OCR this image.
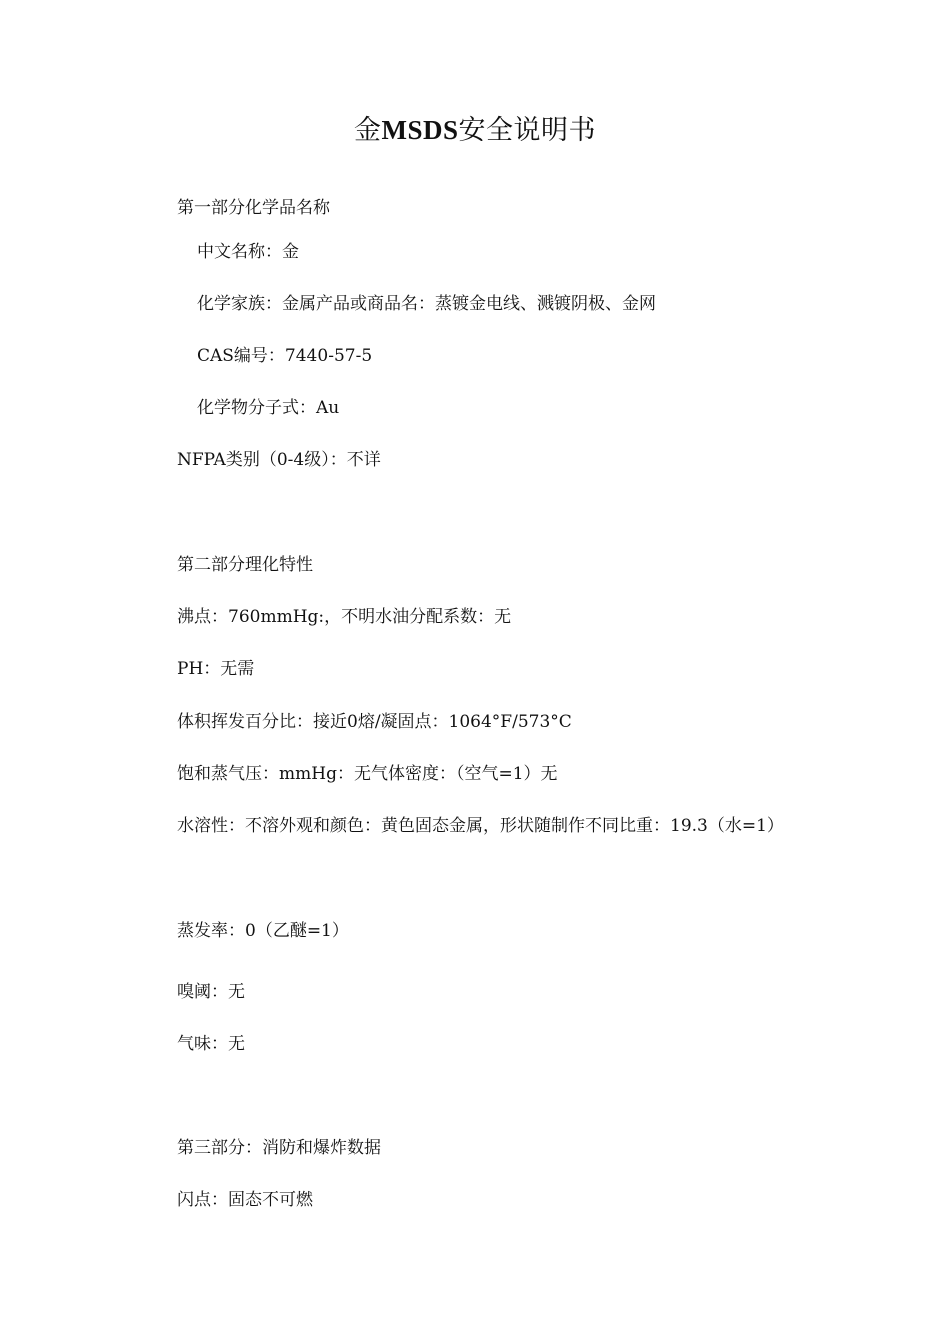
金MSDS安全说明书
第一部分化学品名称
中文名称：金
化学家族：金属产品或商品名：蒸镀金电线、溅镀阴极、金网
CAS编号：7440-57-5
化学物分子式：Au
NFPA类别（0-4级）：不详
第二部分理化特性
沸点：760mmHg:，不明水油分配系数：无
PH：无需
体积挥发百分比：接近0熔/凝固点：1064°F/573°C
饱和蒸气压：mmHg：无气体密度：（空气=1）无
水溶性：不溶外观和颜色：黄色固态金属，形状随制作不同比重：19.3（水=1）
蒸发率：0（乙醚=1）
嗅阈：无
气味：无
第三部分：消防和爆炸数据
闪点：固态不可燃
